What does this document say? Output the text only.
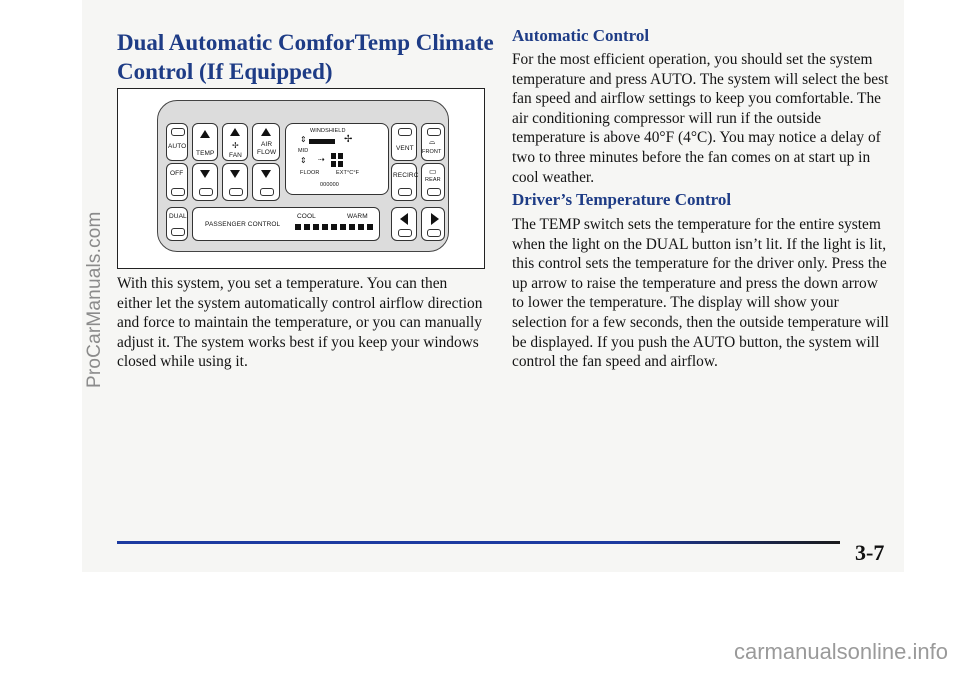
Dual Automatic ComforTemp Climate Control (If Equipped)
AUTO
OFF
TEMP
✢
FAN
AIR
FLOW
WINDSHIELD
⇕	✢
MID
⇕ ⇢
FLOOR	EXT°C°F
000000
VENT
RECIRC
⌓
FRONT
▭
REAR
DUAL
PASSENGER CONTROL
COOL	WARM

With this system, you set a temperature. You can then either let the system automatically control airflow direction and force to maintain the temperature, or you can manually adjust it. The system works best if you keep your windows closed while using it.

Automatic Control

For the most efficient operation, you should set the system temperature and press AUTO. The system will select the best fan speed and airflow settings to keep you comfortable. The air conditioning compressor will run if the outside temperature is above 40°F (4°C). You may notice a delay of two to three minutes before the fan comes on at start up in cool weather.

Driver’s Temperature Control

The TEMP switch sets the temperature for the entire system when the light on the DUAL button isn’t lit. If the light is lit, this control sets the temperature for the driver only. Press the up arrow to raise the temperature and press the down arrow to lower the temperature. The display will show your selection for a few seconds, then the outside temperature will be displayed. If you push the AUTO button, the system will control the fan speed and airflow.

3-7
ProCarManuals.com
carmanualsonline.info
